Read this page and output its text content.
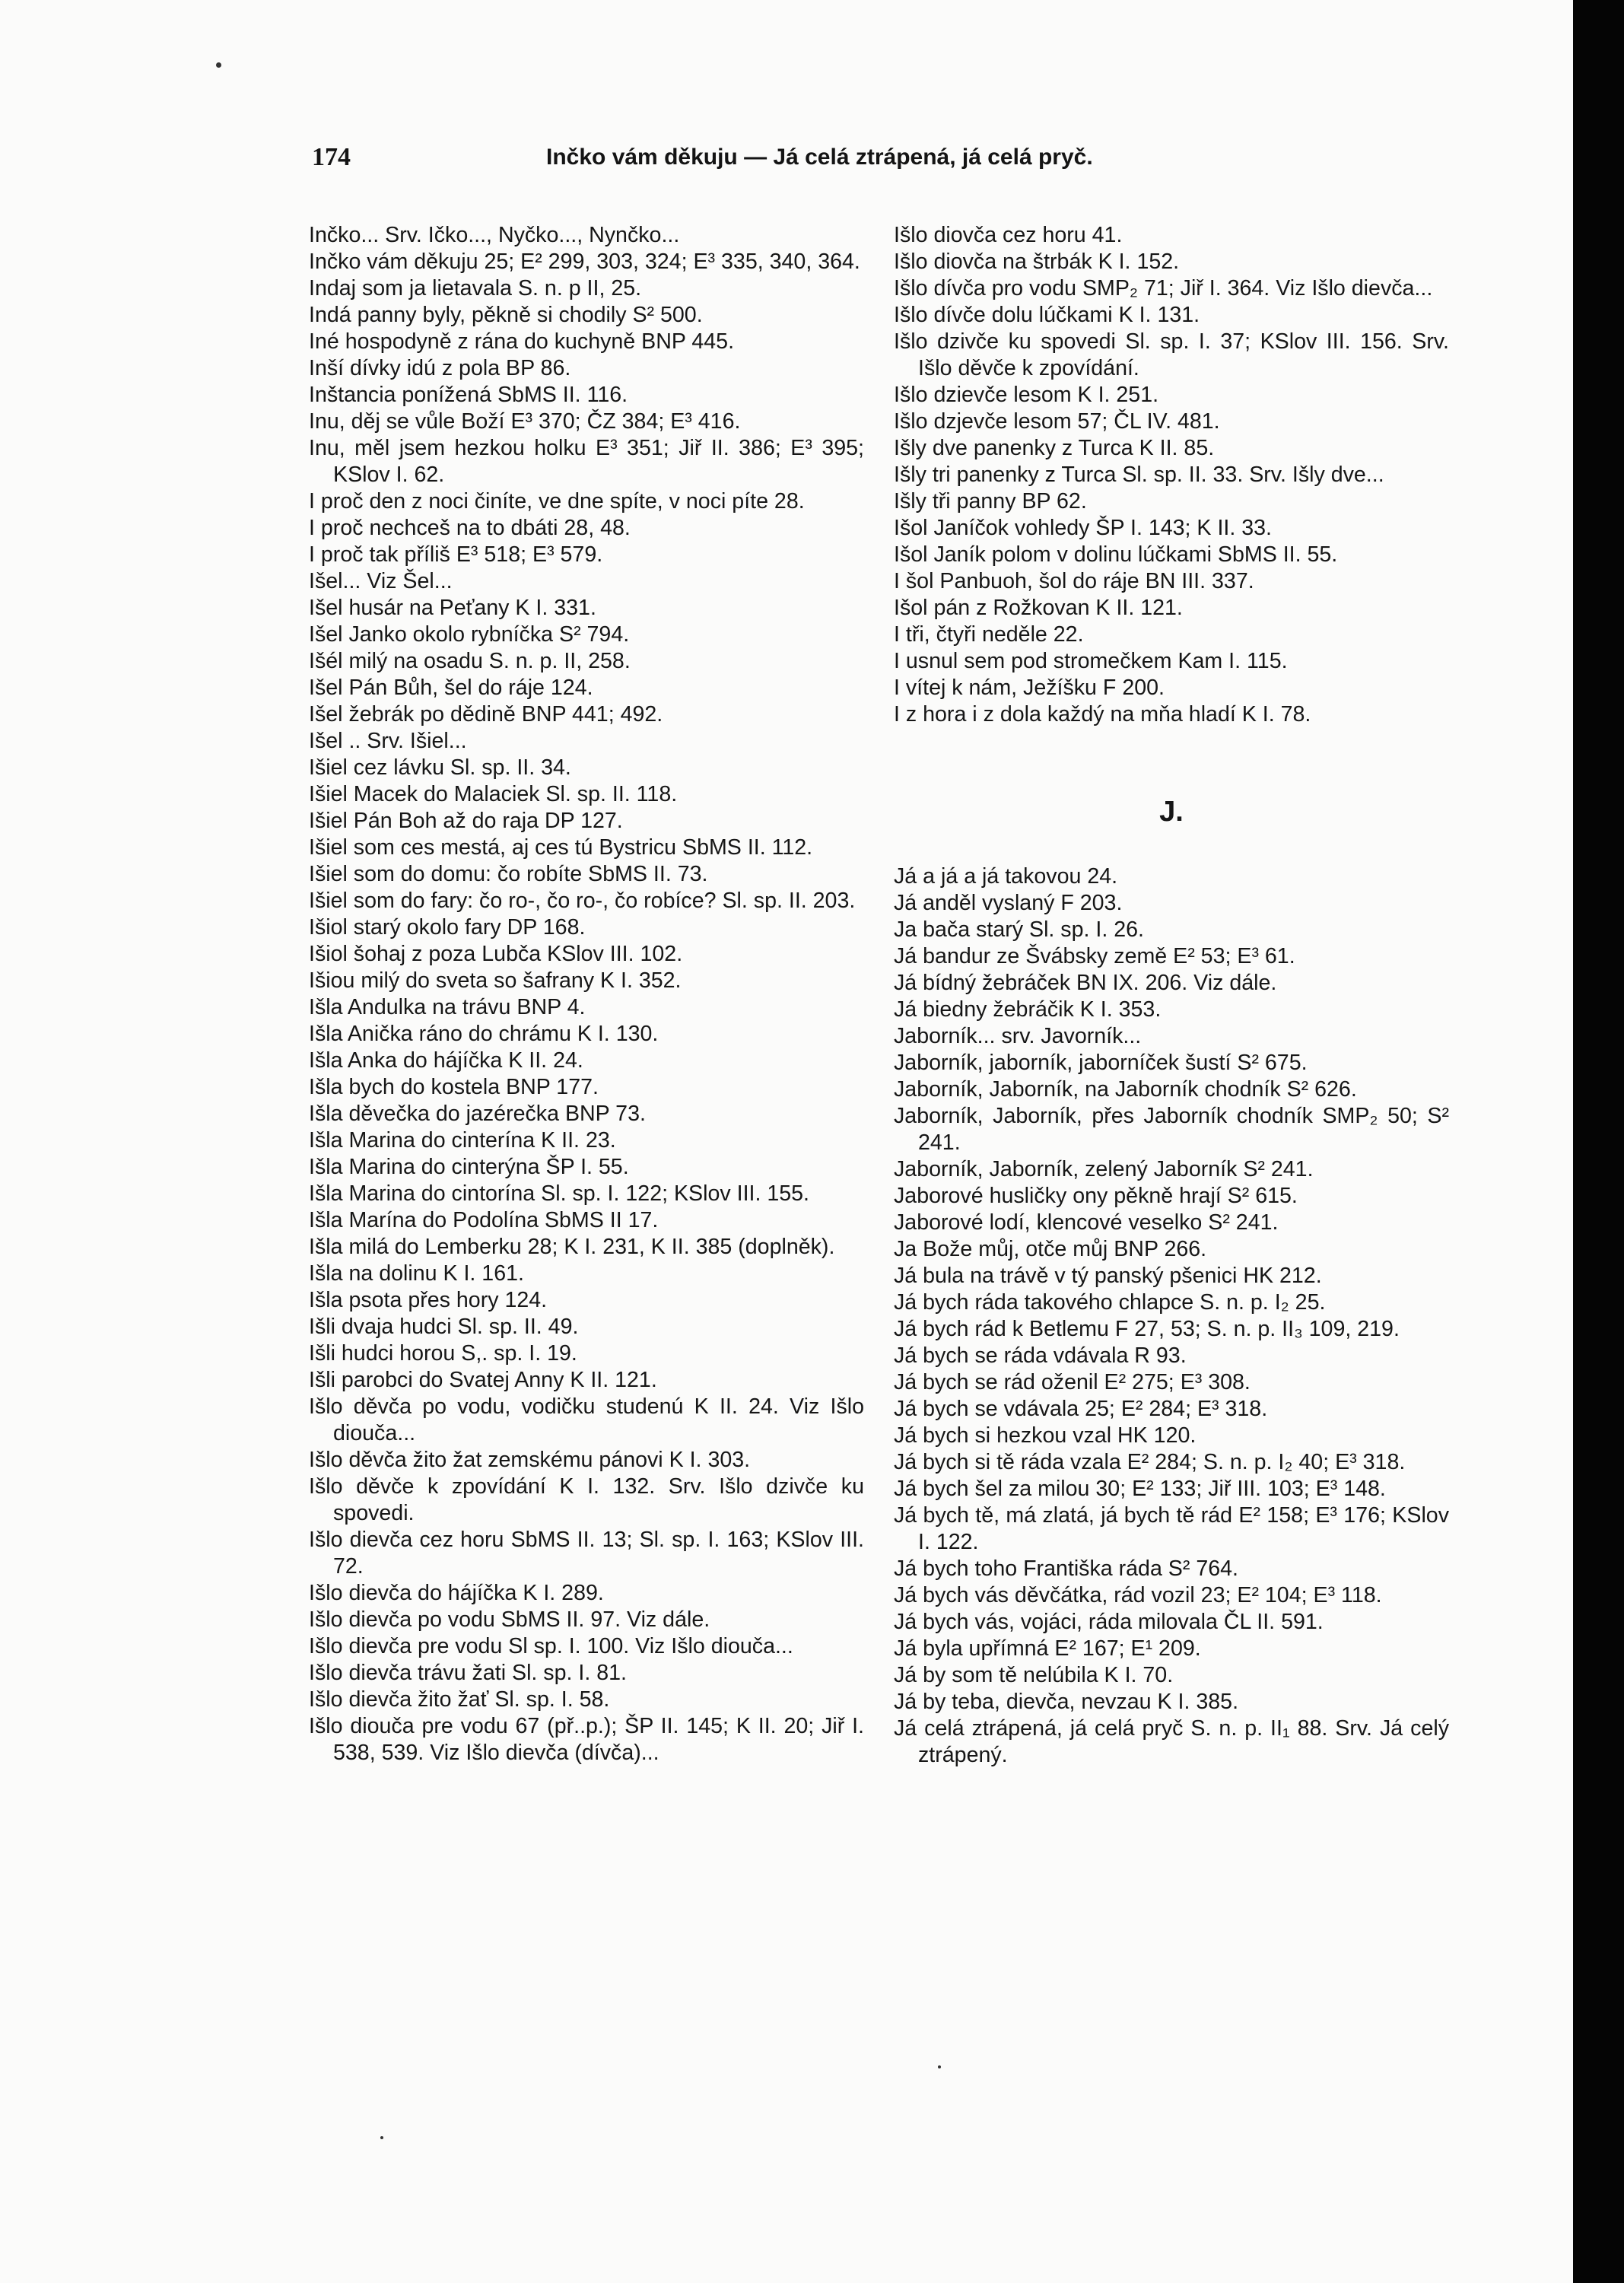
174	Inčko vám děkuju — Já celá ztrápená, já celá pryč.

Inčko... Srv. Ičko..., Nyčko..., Nynčko...

Inčko vám děkuju 25; E² 299, 303, 324; E³ 335, 340, 364.

Indaj som ja lietavala S. n. p II, 25.

Indá panny byly, pěkně si chodily S² 500.

Iné hospodyně z rána do kuchyně BNP 445.

Inší dívky idú z pola BP 86.

Inštancia ponížená SbMS II. 116.

Inu, děj se vůle Boží E³ 370; ČZ 384; E³ 416.

Inu, měl jsem hezkou holku E³ 351; Jiř II. 386; E³ 395; KSlov I. 62.

I proč den z noci činíte, ve dne spíte, v noci píte 28.

I proč nechceš na to dbáti 28, 48.

I proč tak příliš E³ 518; E³ 579.

Išel... Viz Šel...

Išel husár na Peťany K I. 331.

Išel Janko okolo rybníčka S² 794.

Išél milý na osadu S. n. p. II, 258.

Išel Pán Bůh, šel do ráje 124.

Išel žebrák po dědině BNP 441; 492.

Išel .. Srv. Išiel...

Išiel cez lávku Sl. sp. II. 34.

Išiel Macek do Malaciek Sl. sp. II. 118.

Išiel Pán Boh až do raja DP 127.

Išiel som ces mestá, aj ces tú Bystricu SbMS II. 112.

Išiel som do domu: čo robíte SbMS II. 73.

Išiel som do fary: čo ro-, čo ro-, čo robíce? Sl. sp. II. 203.

Išiol starý okolo fary DP 168.

Išiol šohaj z poza Lubča KSlov III. 102.

Išiou milý do sveta so šafrany K I. 352.

Išla Andulka na trávu BNP 4.

Išla Anička ráno do chrámu K I. 130.

Išla Anka do hájíčka K II. 24.

Išla bych do kostela BNP 177.

Išla děvečka do jazérečka BNP 73.

Išla Marina do cinterína K II. 23.

Išla Marina do cinterýna ŠP I. 55.

Išla Marina do cintorína Sl. sp. I. 122; KSlov III. 155.

Išla Marína do Podolína SbMS II 17.

Išla milá do Lemberku 28; K I. 231, K II. 385 (doplněk).

Išla na dolinu K I. 161.

Išla psota přes hory 124.

Išli dvaja hudci Sl. sp. II. 49.

Išli hudci horou S,. sp. I. 19.

Išli parobci do Svatej Anny K II. 121.

Išlo děvča po vodu, vodičku studenú K II. 24. Viz Išlo diouča...

Išlo děvča žito žat zemskému pánovi K I. 303.

Išlo děvče k zpovídání K I. 132. Srv. Išlo dzivče ku spovedi.

Išlo dievča cez horu SbMS II. 13; Sl. sp. I. 163; KSlov III. 72.

Išlo dievča do hájíčka K I. 289.

Išlo dievča po vodu SbMS II. 97. Viz dále.

Išlo dievča pre vodu Sl sp. I. 100. Viz Išlo diouča...

Išlo dievča trávu žati Sl. sp. I. 81.

Išlo dievča žito žať Sl. sp. I. 58.

Išlo diouča pre vodu 67 (př..p.); ŠP II. 145; K II. 20; Jiř I. 538, 539. Viz Išlo dievča (dívča)...

Išlo diovča cez horu 41.

Išlo diovča na štrbák K I. 152.

Išlo dívča pro vodu SMP₂ 71; Jiř I. 364. Viz Išlo dievča...

Išlo dívče dolu lúčkami K I. 131.

Išlo dzivče ku spovedi Sl. sp. I. 37; KSlov III. 156. Srv. Išlo děvče k zpovídání.

Išlo dzievče lesom K I. 251.

Išlo dzjevče lesom 57; ČL IV. 481.

Išly dve panenky z Turca K II. 85.

Išly tri panenky z Turca Sl. sp. II. 33. Srv. Išly dve...

Išly tři panny BP 62.

Išol Janíčok vohledy ŠP I. 143; K II. 33.

Išol Janík polom v dolinu lúčkami SbMS II. 55.

I šol Panbuoh, šol do ráje BN III. 337.

Išol pán z Rožkovan K II. 121.

I tři, čtyři neděle 22.

I usnul sem pod stromečkem Kam I. 115.

I vítej k nám, Ježíšku F 200.

I z hora i z dola každý na mňa hladí K I. 78.

J.

Já a já a já takovou 24.

Já anděl vyslaný F 203.

Ja bača starý Sl. sp. I. 26.

Já bandur ze Švábsky země E² 53; E³ 61.

Já bídný žebráček BN IX. 206. Viz dále.

Já biedny žebráčik K I. 353.

Jaborník... srv. Javorník...

Jaborník, jaborník, jaborníček šustí S² 675.

Jaborník, Jaborník, na Jaborník chodník S² 626.

Jaborník, Jaborník, přes Jaborník chodník SMP₂ 50; S² 241.

Jaborník, Jaborník, zelený Jaborník S² 241.

Jaborové husličky ony pěkně hrají S² 615.

Jaborové lodí, klencové veselko S² 241.

Ja Bože můj, otče můj BNP 266.

Já bula na trávě v tý panský pšenici HK 212.

Já bych ráda takového chlapce S. n. p. I₂ 25.

Já bych rád k Betlemu F 27, 53; S. n. p. II₃ 109, 219.

Já bych se ráda vdávala R 93.

Já bych se rád oženil E² 275; E³ 308.

Já bych se vdávala 25; E² 284; E³ 318.

Já bych si hezkou vzal HK 120.

Já bych si tě ráda vzala E² 284; S. n. p. I₂ 40; E³ 318.

Já bych šel za milou 30; E² 133; Jiř III. 103; E³ 148.

Já bych tě, má zlatá, já bych tě rád E² 158; E³ 176; KSlov I. 122.

Já bych toho Františka ráda S² 764.

Já bych vás děvčátka, rád vozil 23; E² 104; E³ 118.

Já bych vás, vojáci, ráda milovala ČL II. 591.

Já byla upřímná E² 167; E¹ 209.

Já by som tě nelúbila K I. 70.

Já by teba, dievča, nevzau K I. 385.

Já celá ztrápená, já celá pryč S. n. p. II₁ 88. Srv. Já celý ztrápený.
